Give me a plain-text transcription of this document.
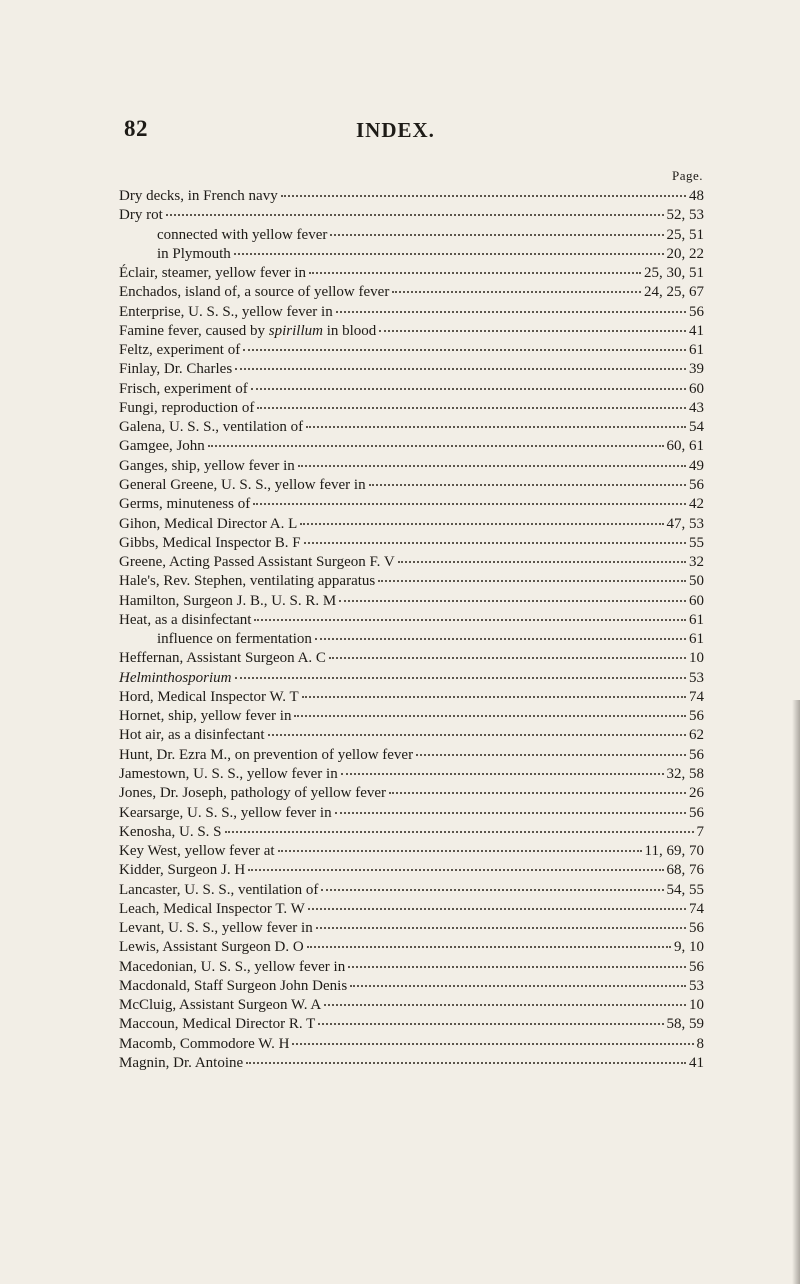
82	INDEX.
Page.
Dry decks, in French navy	48
Dry rot	52, 53
connected with yellow fever	25, 51
in Plymouth	20, 22
Éclair, steamer, yellow fever in	25, 30, 51
Enchados, island of, a source of yellow fever	24, 25, 67
Enterprise, U. S. S., yellow fever in	56
Famine fever, caused by spirillum in blood	41
Feltz, experiment of	61
Finlay, Dr. Charles	39
Frisch, experiment of	60
Fungi, reproduction of	43
Galena, U. S. S., ventilation of	54
Gamgee, John	60, 61
Ganges, ship, yellow fever in	49
General Greene, U. S. S., yellow fever in	56
Germs, minuteness of	42
Gihon, Medical Director A. L	47, 53
Gibbs, Medical Inspector B. F	55
Greene, Acting Passed Assistant Surgeon F. V	32
Hale's, Rev. Stephen, ventilating apparatus	50
Hamilton, Surgeon J. B., U. S. R. M	60
Heat, as a disinfectant	61
influence on fermentation	61
Heffernan, Assistant Surgeon A. C	10
Helminthosporium	53
Hord, Medical Inspector W. T	74
Hornet, ship, yellow fever in	56
Hot air, as a disinfectant	62
Hunt, Dr. Ezra M., on prevention of yellow fever	56
Jamestown, U. S. S., yellow fever in	32, 58
Jones, Dr. Joseph, pathology of yellow fever	26
Kearsarge, U. S. S., yellow fever in	56
Kenosha, U. S. S	7
Key West, yellow fever at	11, 69, 70
Kidder, Surgeon J. H	68, 76
Lancaster, U. S. S., ventilation of	54, 55
Leach, Medical Inspector T. W	74
Levant, U. S. S., yellow fever in	56
Lewis, Assistant Surgeon D. O	9, 10
Macedonian, U. S. S., yellow fever in	56
Macdonald, Staff Surgeon John Denis	53
McCluig, Assistant Surgeon W. A	10
Maccoun, Medical Director R. T	58, 59
Macomb, Commodore W. H	8
Magnin, Dr. Antoine	41
